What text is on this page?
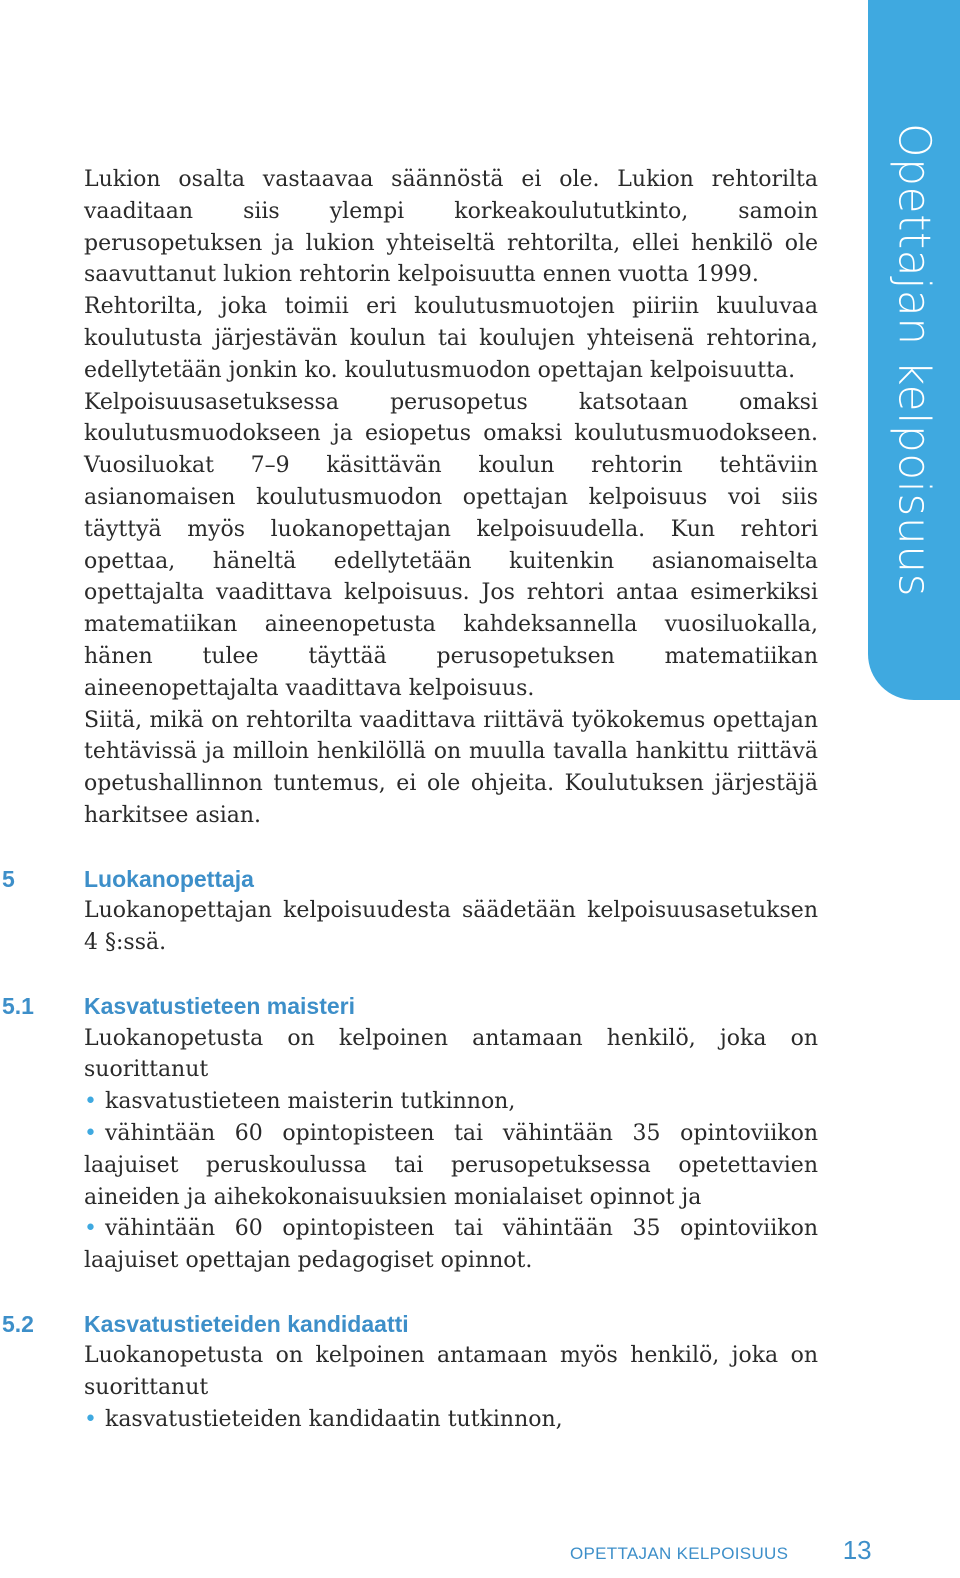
Opettajan kelpoisuus

Lukion osalta vastaavaa säännöstä ei ole. Lukion rehtorilta vaaditaan siis ylempi korkeakoulututkinto, samoin perusopetuksen ja lukion yhteiseltä rehtorilta, ellei henkilö ole saavuttanut lukion rehtorin kelpoisuutta ennen vuotta 1999.

Rehtorilta, joka toimii eri koulutusmuotojen piiriin kuuluvaa koulutusta järjestävän koulun tai koulujen yhteisenä rehtorina, edellytetään jonkin ko. koulutusmuodon opettajan kelpoisuutta.

Kelpoisuusasetuksessa perusopetus katsotaan omaksi koulutusmuodokseen ja esiopetus omaksi koulutusmuodokseen. Vuosiluokat 7–9 käsittävän koulun rehtorin tehtäviin asianomaisen koulutusmuodon opettajan kelpoisuus voi siis täyttyä myös luokanopettajan kelpoisuudella. Kun rehtori opettaa, häneltä edellytetään kuitenkin asianomaiselta opettajalta vaadittava kelpoisuus. Jos rehtori antaa esimerkiksi matematiikan aineenopetusta kahdeksannella vuosiluokalla, hänen tulee täyttää perusopetuksen matematiikan aineenopettajalta vaadittava kelpoisuus.

Siitä, mikä on rehtorilta vaadittava riittävä työkokemus opettajan tehtävissä ja milloin henkilöllä on muulla tavalla hankittu riittävä opetushallinnon tuntemus, ei ole ohjeita. Koulutuksen järjestäjä harkitsee asian.

5	Luokanopettaja

Luokanopettajan kelpoisuudesta säädetään kelpoisuusasetuksen 4 §:ssä.

5.1 Kasvatustieteen maisteri

Luokanopetusta on kelpoinen antamaan henkilö, joka on suorittanut

• kasvatustieteen maisterin tutkinnon,

• vähintään 60 opintopisteen tai vähintään 35 opintoviikon laajuiset peruskoulussa tai perusopetuksessa opetettavien aineiden ja aihekokonaisuuksien monialaiset opinnot ja

• vähintään 60 opintopisteen tai vähintään 35 opintoviikon laajuiset opettajan pedagogiset opinnot.

5.2 Kasvatustieteiden kandidaatti

Luokanopetusta on kelpoinen antamaan myös henkilö, joka on suorittanut

• kasvatustieteiden kandidaatin tutkinnon,

OPETTAJAN KELPOISUUS 13
